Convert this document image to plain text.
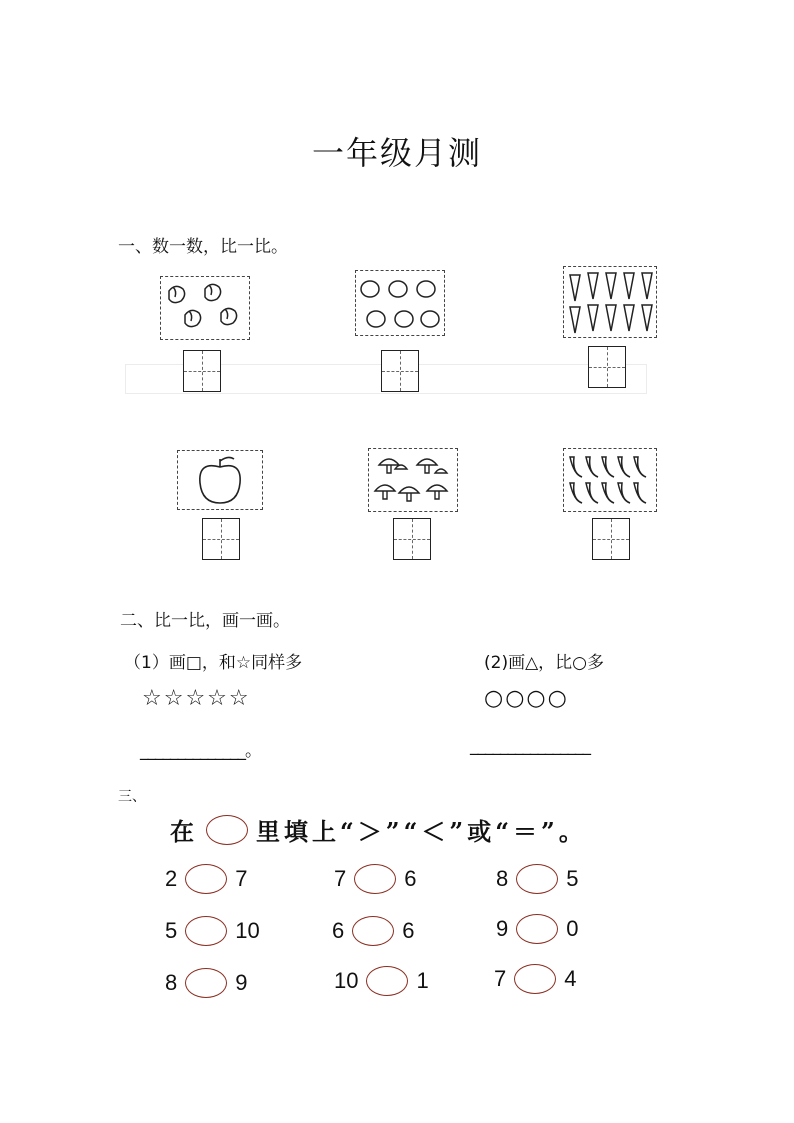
一年级月测
一、数一数，比一比。
二、比一比，画一画。
（1）画□，和☆同样多	(2)画△，比○多
☆☆☆☆☆	○○○○
______________。	________________
三、
在 里填上“＞”“＜”或“＝”。
2	7	7	6	8	5
5	10	6	6	9	0
8	9	10	1	7	4
